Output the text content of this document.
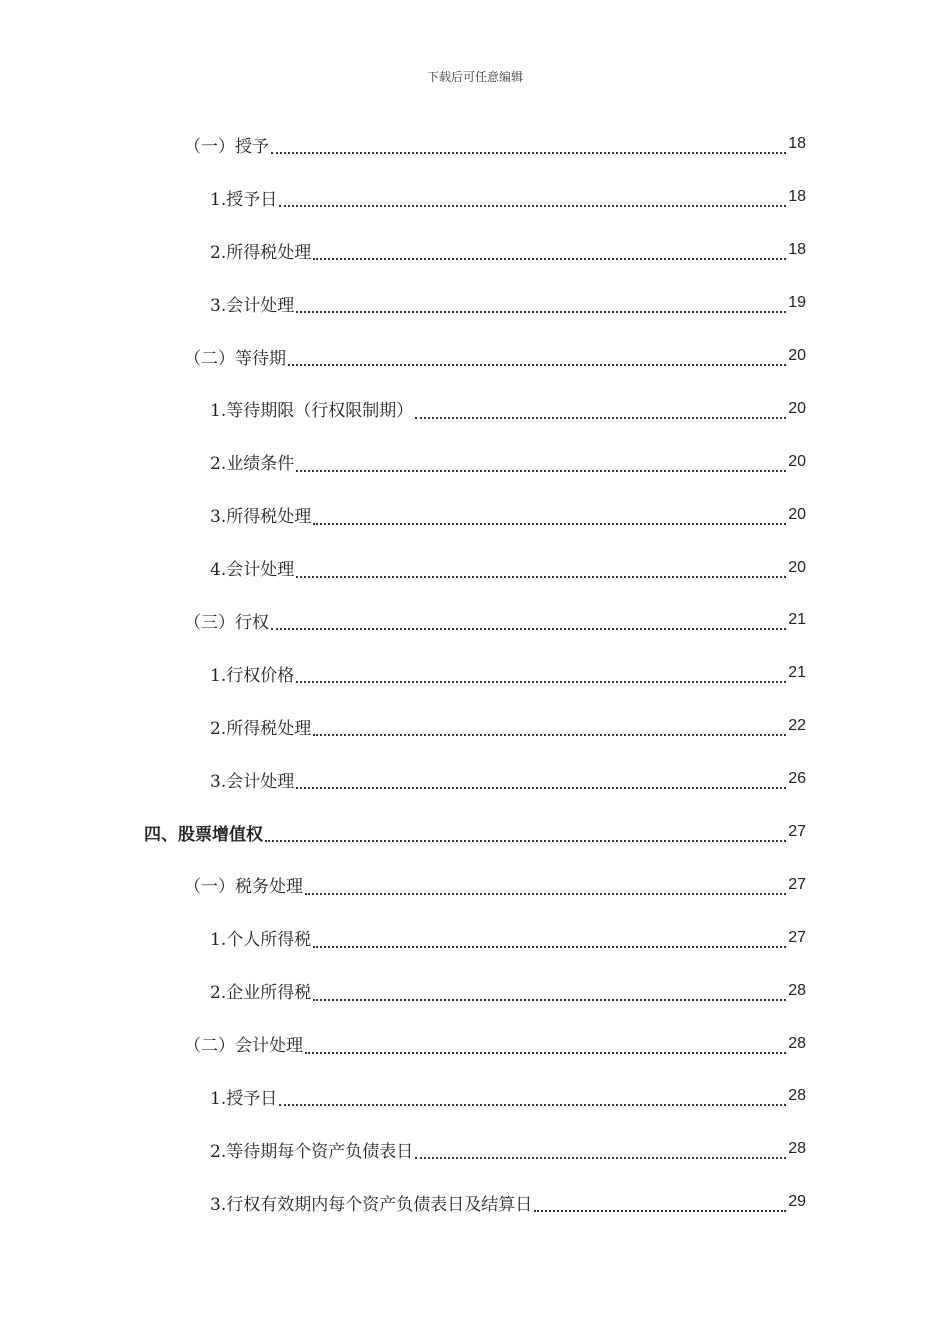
下载后可任意编辑
（一）授予	18
1.授予日	18
2.所得税处理	18
3.会计处理	19
（二）等待期	20
1.等待期限（行权限制期）	20
2.业绩条件	20
3.所得税处理	20
4.会计处理	20
（三）行权	21
1.行权价格	21
2.所得税处理	22
3.会计处理	26
四、股票增值权	27
（一）税务处理	27
1.个人所得税	27
2.企业所得税	28
（二）会计处理	28
1.授予日	28
2.等待期每个资产负债表日	28
3.行权有效期内每个资产负债表日及结算日	29
